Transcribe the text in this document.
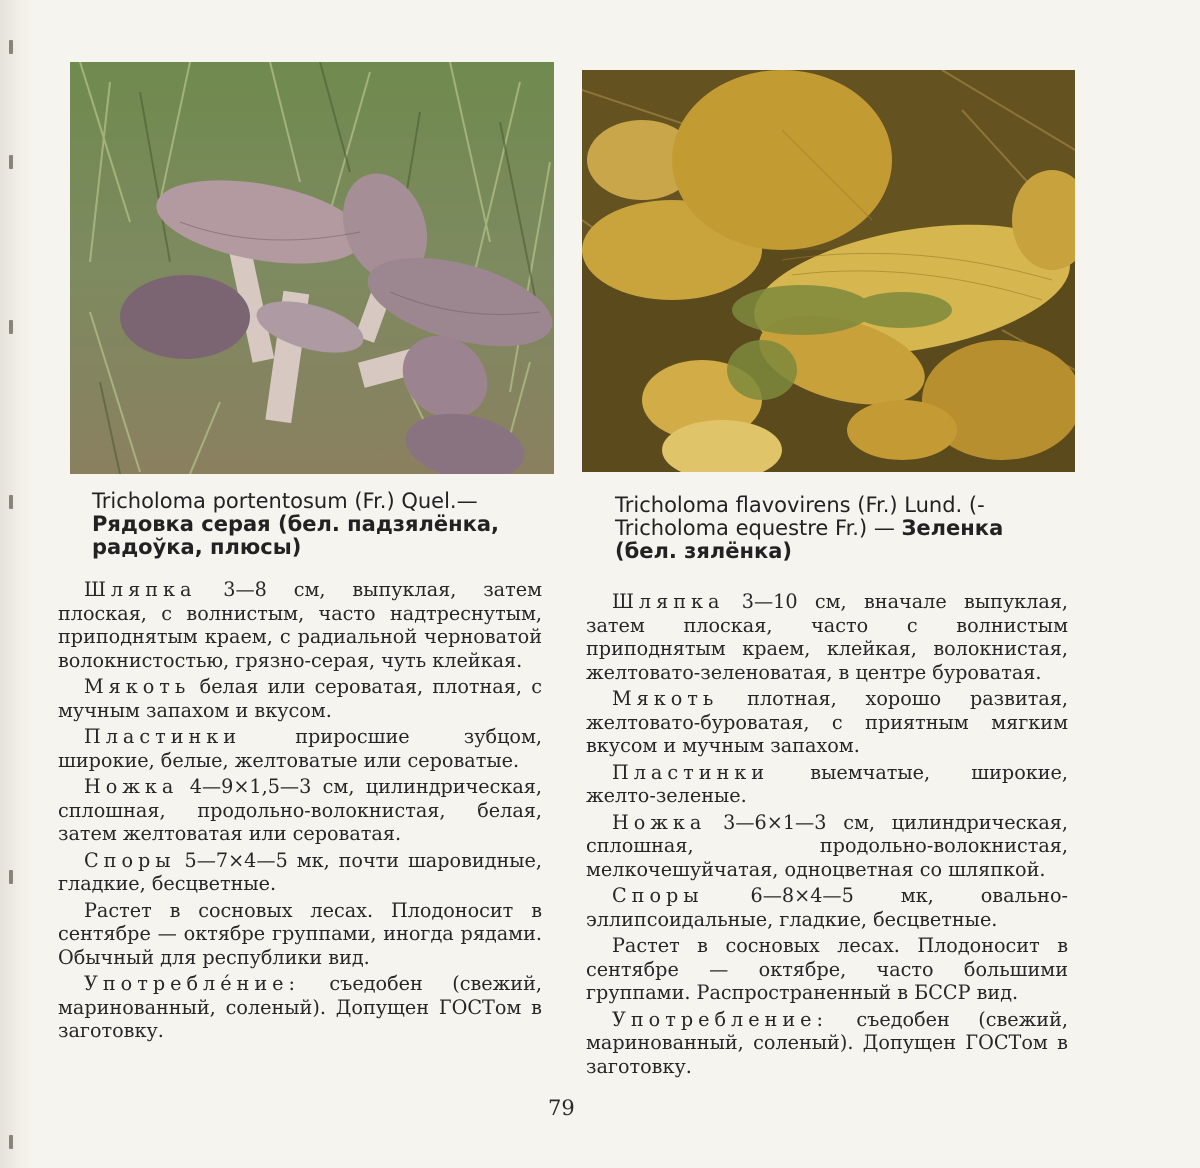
Tricholoma portentosum (Fr.) Quel.— Рядовка серая (бел. падзялёнка, радоўка, плюсы)
Tricholoma flavovirens (Fr.) Lund. (-Tricholoma equestre Fr.) — Зеленка (бел. зялёнка)

Шляпка 3—8 см, выпуклая, затем плоская, с волнистым, часто надтреснутым, приподнятым краем, с радиальной черноватой волокнистостью, грязно-серая, чуть клейкая.

Мякоть белая или сероватая, плотная, с мучным запахом и вкусом.

Пластинки приросшие зубцом, широкие, белые, желтоватые или сероватые.

Ножка 4—9×1,5—3 см, цилиндрическая, сплошная, продольно-волокнистая, белая, затем желтоватая или сероватая.

Споры 5—7×4—5 мк, почти шаровидные, гладкие, бесцветные.

Растет в сосновых лесах. Плодоносит в сентябре — октябре группами, иногда рядами. Обычный для республики вид.

Употребле́ние: съедобен (свежий, маринованный, соленый). Допущен ГОСТом в заготовку.

Шляпка 3—10 см, вначале выпуклая, затем плоская, часто с волнистым приподнятым краем, клейкая, волокнистая, желтовато-зеленоватая, в центре буроватая.

Мякоть плотная, хорошо развитая, желтовато-буроватая, с приятным мягким вкусом и мучным запахом.

Пластинки выемчатые, широкие, желто-зеленые.

Ножка 3—6×1—3 см, цилиндрическая, сплошная, продольно-волокнистая, мелкочешуйчатая, одноцветная со шляпкой.

Споры 6—8×4—5 мк, овально-эллипсоидальные, гладкие, бесцветные.

Растет в сосновых лесах. Плодоносит в сентябре — октябре, часто большими группами. Распространенный в БССР вид.

Употребление: съедобен (свежий, маринованный, соленый). Допущен ГОСТом в заготовку.

79
